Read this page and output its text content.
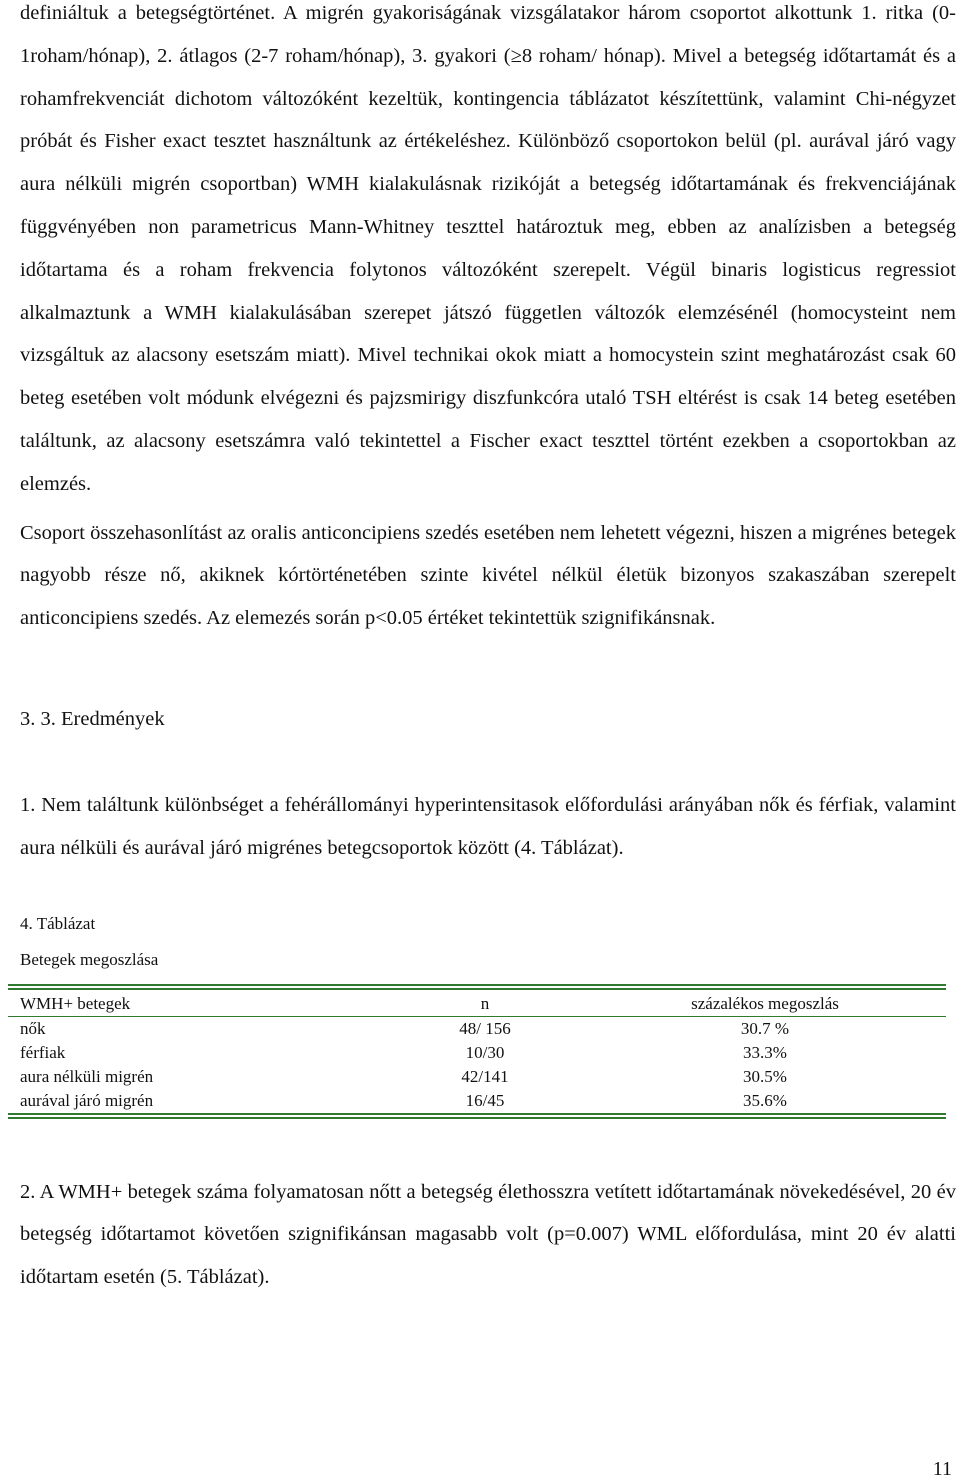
definiáltuk a betegségtörténet. A migrén gyakoriságának vizsgálatakor három csoportot alkottunk 1. ritka (0-1roham/hónap), 2. átlagos (2-7 roham/hónap), 3. gyakori (≥8 roham/ hónap). Mivel a betegség időtartamát és a rohamfrekvenciát dichotom változóként kezeltük, kontingencia táblázatot készítettünk, valamint Chi-négyzet próbát és Fisher exact tesztet használtunk az értékeléshez. Különböző csoportokon belül (pl. aurával járó vagy aura nélküli migrén csoportban) WMH kialakulásnak rizikóját a betegség időtartamának és frekvenciájának függvényében non parametricus Mann-Whitney teszttel határoztuk meg, ebben az analízisben a betegség időtartama és a roham frekvencia folytonos változóként szerepelt. Végül binaris logisticus regressiot alkalmaztunk a WMH kialakulásában szerepet játszó független változók elemzésénél (homocysteint nem vizsgáltuk az alacsony esetszám miatt). Mivel technikai okok miatt a homocystein szint meghatározást csak 60 beteg esetében volt módunk elvégezni és pajzsmirigy diszfunkcóra utaló TSH eltérést is csak 14 beteg esetében találtunk, az alacsony esetszámra való tekintettel a Fischer exact teszttel történt ezekben a csoportokban az elemzés.

Csoport összehasonlítást az oralis anticoncipiens szedés esetében nem lehetett végezni, hiszen a migrénes betegek nagyobb része nő, akiknek kórtörténetében szinte kivétel nélkül életük bizonyos szakaszában szerepelt anticoncipiens szedés. Az elemezés során p<0.05 értéket tekintettük szignifikánsnak.

3. 3. Eredmények

1. Nem találtunk különbséget a fehérállományi hyperintensitasok előfordulási arányában nők és férfiak, valamint aura nélküli és aurával járó migrénes betegcsoportok között (4. Táblázat).

4. Táblázat

Betegek megoszlása

WMH+ betegek	n	százalékos megoszlás
nők	48/ 156	30.7 %
férfiak	10/30	33.3%
aura nélküli migrén	42/141	30.5%
aurával járó migrén	16/45	35.6%

2. A WMH+ betegek száma folyamatosan nőtt a betegség élethosszra vetített időtartamának növekedésével, 20 év betegség időtartamot követően szignifikánsan magasabb volt (p=0.007) WML előfordulása, mint 20 év alatti időtartam esetén (5. Táblázat).

11
